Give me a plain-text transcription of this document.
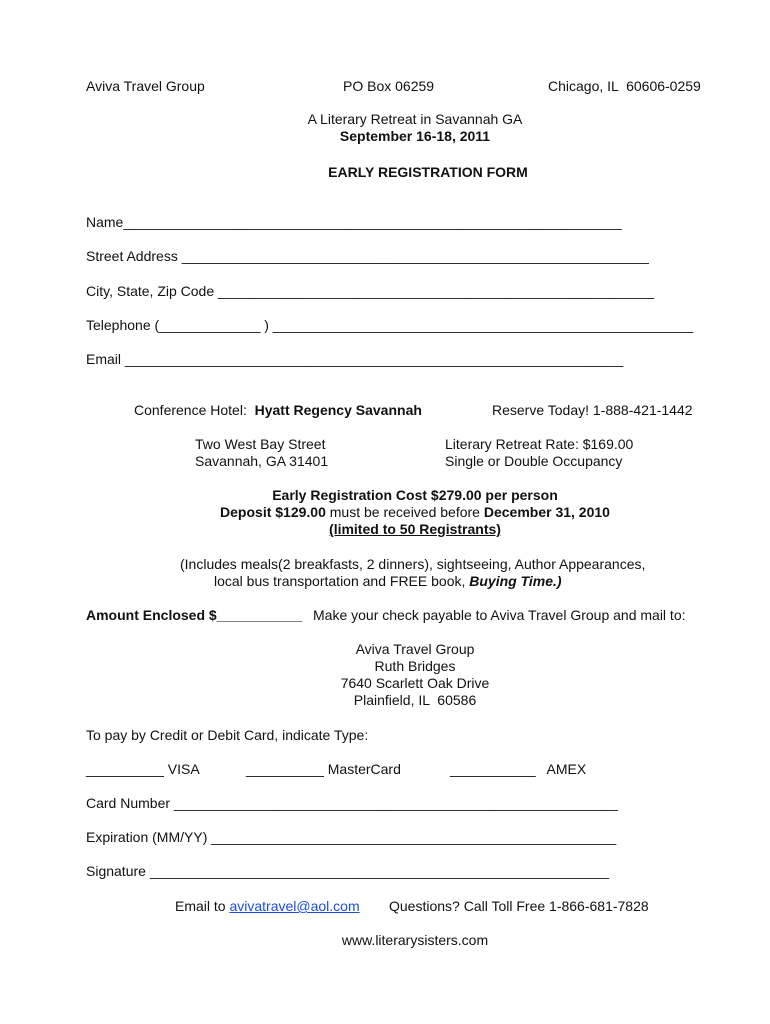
Aviva Travel Group	PO Box 06259	Chicago, IL  60606-0259
A Literary Retreat in Savannah GA
September 16-18, 2011
EARLY REGISTRATION FORM
Name________________________________________________________________
Street Address ____________________________________________________________
City, State, Zip Code ________________________________________________________
Telephone (_____________ ) ______________________________________________________
Email ________________________________________________________________
Conference Hotel: Hyatt Regency Savannah	Reserve Today! 1-888-421-1442
Two West Bay Street
Savannah, GA 31401
Literary Retreat Rate: $169.00
Single or Double Occupancy
Early Registration Cost $279.00 per person
Deposit $129.00 must be received before December 31, 2010
(limited to 50 Registrants)
(Includes meals(2 breakfasts, 2 dinners), sightseeing, Author Appearances,
local bus transportation and FREE book, Buying Time.)
Amount Enclosed $___________ Make your check payable to Aviva Travel Group and mail to:
Aviva Travel Group
Ruth Bridges
7640 Scarlett Oak Drive
Plainfield, IL  60586
To pay by Credit or Debit Card, indicate Type:
__________ VISA	__________ MasterCard	___________   AMEX
Card Number _________________________________________________________
Expiration (MM/YY) ____________________________________________________
Signature ___________________________________________________________
Email to avivatravel@aol.com Questions? Call Toll Free 1-866-681-7828
www.literarysisters.com
